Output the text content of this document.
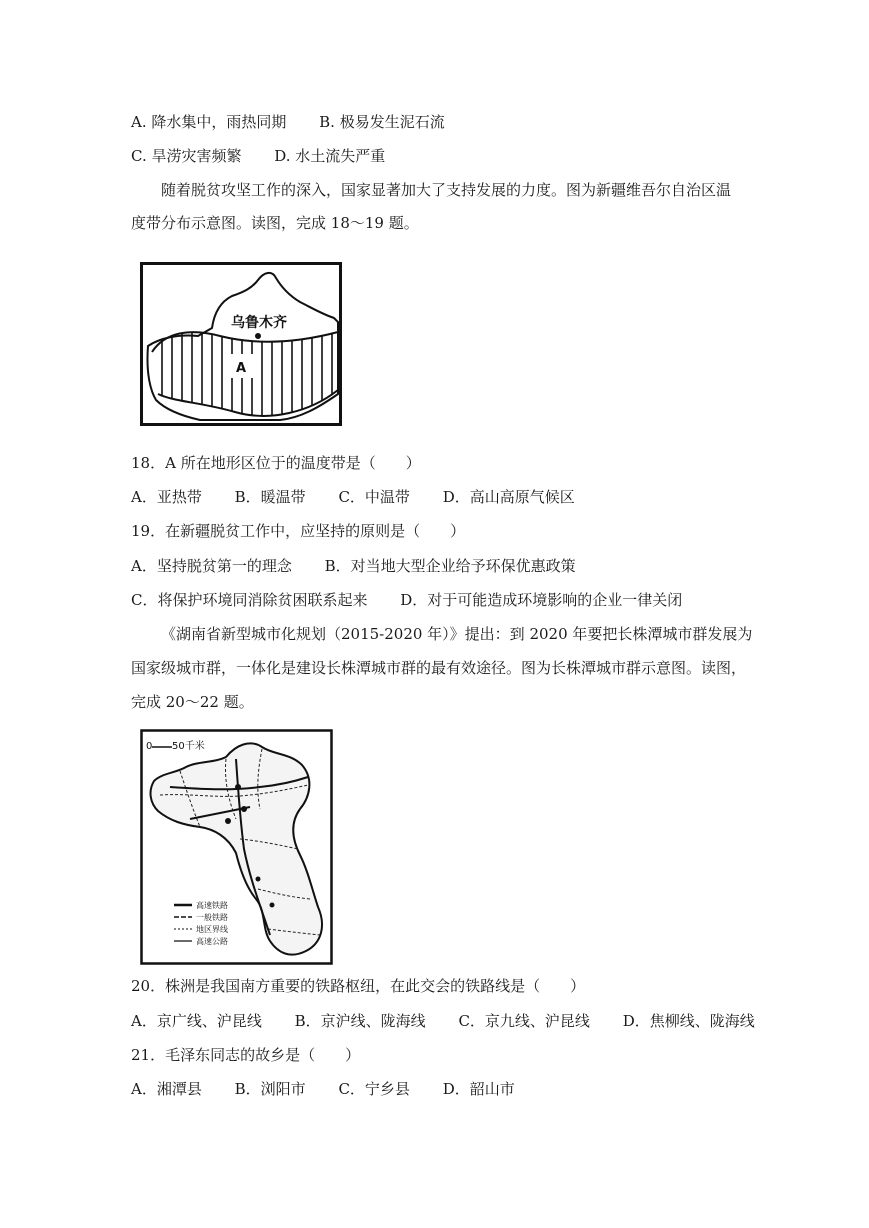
A. 降水集中，雨热同期 B. 极易发生泥石流
C. 旱涝灾害频繁 D. 水土流失严重
随着脱贫攻坚工作的深入，国家显著加大了支持发展的力度。图为新疆维吾尔自治区温
度带分布示意图。读图，完成 18～19 题。
A
乌鲁木齐
18．A 所在地形区位于的温度带是（　　）
A．亚热带 B．暖温带 C．中温带 D．高山高原气候区
19．在新疆脱贫工作中，应坚持的原则是（　　）
A．坚持脱贫第一的理念 B．对当地大型企业给予环保优惠政策
C．将保护环境同消除贫困联系起来 D．对于可能造成环境影响的企业一律关闭
《湖南省新型城市化规划（2015-2020 年）》提出：到 2020 年要把长株潭城市群发展为
国家级城市群，一体化是建设长株潭城市群的最有效途径。图为长株潭城市群示意图。读图，
完成 20～22 题。
0 50千米
高速铁路
一般铁路
地区界线
高速公路
20．株洲是我国南方重要的铁路枢纽，在此交会的铁路线是（　　）
A．京广线、沪昆线 B．京沪线、陇海线 C．京九线、沪昆线 D．焦柳线、陇海线
21．毛泽东同志的故乡是（　　）
A．湘潭县 B．浏阳市 C．宁乡县 D．韶山市
